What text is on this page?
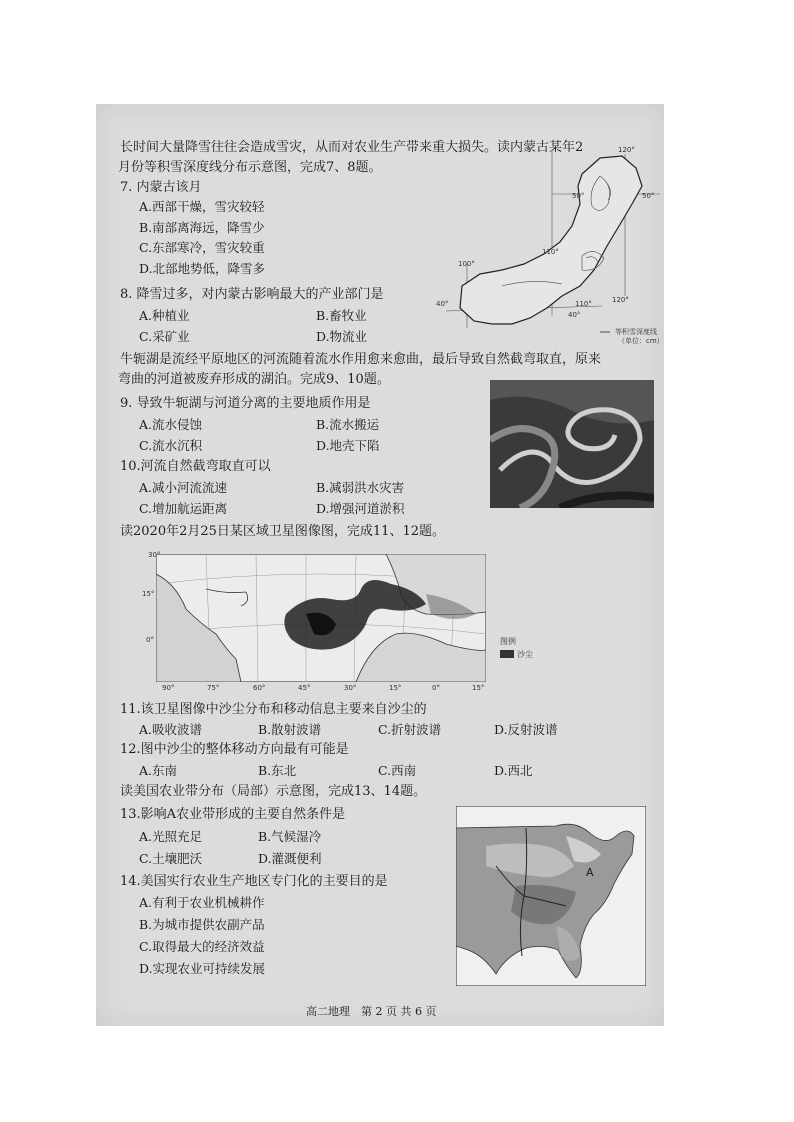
长时间大量降雪往往会造成雪灾，从而对农业生产带来重大损失。读内蒙古某年2
月份等积雪深度线分布示意图，完成7、8题。
7. 内蒙古该月
A.西部干燥，雪灾较轻
B.南部离海远，降雪少
C.东部寒冷，雪灾较重
D.北部地势低，降雪多
8. 降雪过多，对内蒙古影响最大的产业部门是
A.种植业	B.畜牧业
C.采矿业	D.物流业
120°
110°
100°
120°
110°
50°	50°
40°
40°
等积雪深度线
（单位：cm）
牛轭湖是流经平原地区的河流随着流水作用愈来愈曲，最后导致自然截弯取直，原来
弯曲的河道被废弃形成的湖泊。完成9、10题。
9. 导致牛轭湖与河道分离的主要地质作用是
A.流水侵蚀	B.流水搬运
C.流水沉积	D.地壳下陷
10.河流自然截弯取直可以
A.减小河流流速	B.减弱洪水灾害
C.增加航运距离	D.增强河道淤积
读2020年2月25日某区域卫星图像图，完成11、12题。
30°
15°
0°
90°	75°	60°	45°	30°	15°	0°	15°
图例
沙尘
11.该卫星图像中沙尘分布和移动信息主要来自沙尘的
A.吸收波谱	B.散射波谱	C.折射波谱	D.反射波谱
12.图中沙尘的整体移动方向最有可能是
A.东南	B.东北	C.西南	D.西北
读美国农业带分布（局部）示意图，完成13、14题。
13.影响A农业带形成的主要自然条件是
A.光照充足	B.气候湿冷
C.土壤肥沃	D.灌溉便利
14.美国实行农业生产地区专门化的主要目的是
A.有利于农业机械耕作
B.为城市提供农副产品
C.取得最大的经济效益
D.实现农业可持续发展
A
高二地理　第 2 页 共 6 页
